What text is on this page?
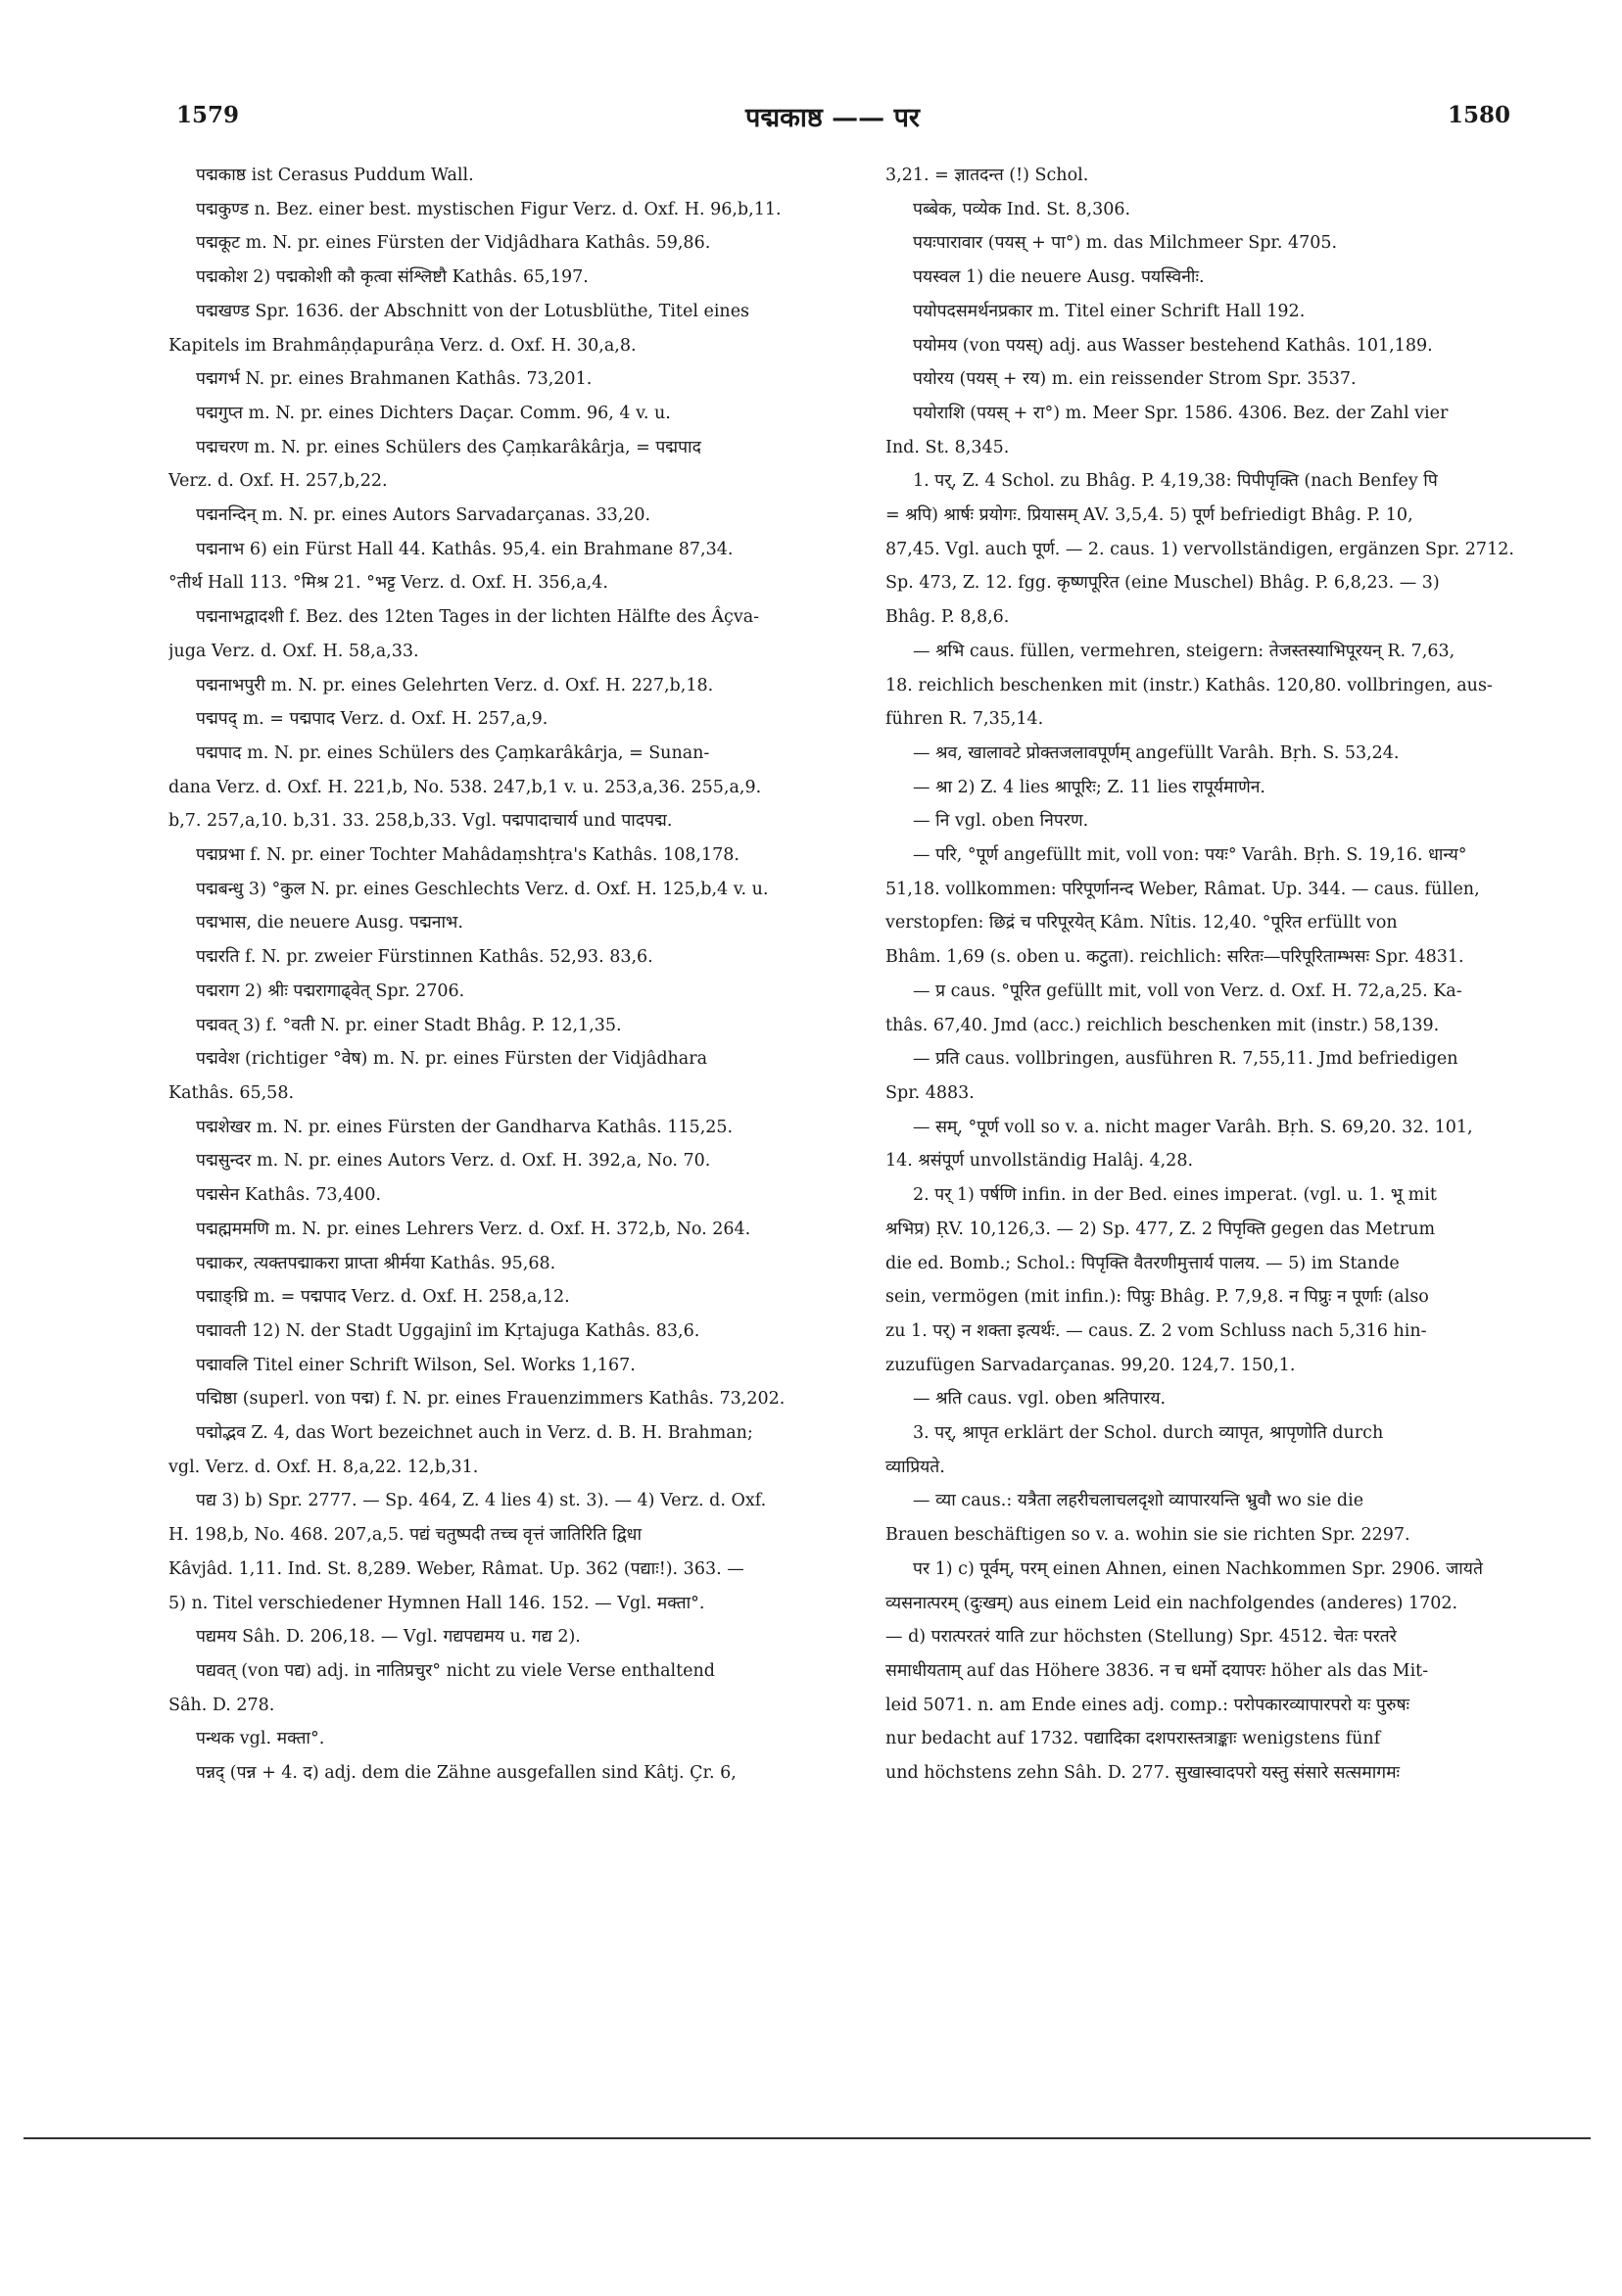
1579	पद्मकाष्ठ —— पर	1580

पद्मकाष्ठ ist Cerasus Puddum Wall.

पद्मकुण्ड n. Bez. einer best. mystischen Figur Verz. d. Oxf. H. 96,b,11.

पद्मकूट m. N. pr. eines Fürsten der Vidjâdhara Kathâs. 59,86.

पद्मकोश 2) पद्मकोशी कौ कृत्वा संश्लिष्टौ Kathâs. 65,197.

पद्मखण्ड Spr. 1636. der Abschnitt von der Lotusblüthe, Titel eines

Kapitels im Brahmâṇḍapurâṇa Verz. d. Oxf. H. 30,a,8.

पद्मगर्भ N. pr. eines Brahmanen Kathâs. 73,201.

पद्मगुप्त m. N. pr. eines Dichters Daçar. Comm. 96, 4 v. u.

पद्मचरण m. N. pr. eines Schülers des Çaṃkarâkârja, = पद्मपाद

Verz. d. Oxf. H. 257,b,22.

पद्मनन्दिन् m. N. pr. eines Autors Sarvadarçanas. 33,20.

पद्मनाभ 6) ein Fürst Hall 44. Kathâs. 95,4. ein Brahmane 87,34.

°तीर्थ Hall 113. °मिश्र 21. °भट्ट Verz. d. Oxf. H. 356,a,4.

पद्मनाभद्वादशी f. Bez. des 12ten Tages in der lichten Hälfte des Âçva-

juga Verz. d. Oxf. H. 58,a,33.

पद्मनाभपुरी m. N. pr. eines Gelehrten Verz. d. Oxf. H. 227,b,18.

पद्मपद् m. = पद्मपाद Verz. d. Oxf. H. 257,a,9.

पद्मपाद m. N. pr. eines Schülers des Çaṃkarâkârja, = Sunan-

dana Verz. d. Oxf. H. 221,b, No. 538. 247,b,1 v. u. 253,a,36. 255,a,9.

b,7. 257,a,10. b,31. 33. 258,b,33. Vgl. पद्मपादाचार्य und पादपद्म.

पद्मप्रभा f. N. pr. einer Tochter Mahâdaṃshṭra's Kathâs. 108,178.

पद्मबन्धु 3) °कुल N. pr. eines Geschlechts Verz. d. Oxf. H. 125,b,4 v. u.

पद्मभास, die neuere Ausg. पद्मनाभ.

पद्मरति f. N. pr. zweier Fürstinnen Kathâs. 52,93. 83,6.

पद्मराग 2) श्रीः पद्मरागाढ्वेत् Spr. 2706.

पद्मवत् 3) f. °वती N. pr. einer Stadt Bhâg. P. 12,1,35.

पद्मवेश (richtiger °वेष) m. N. pr. eines Fürsten der Vidjâdhara

Kathâs. 65,58.

पद्मशेखर m. N. pr. eines Fürsten der Gandharva Kathâs. 115,25.

पद्मसुन्दर m. N. pr. eines Autors Verz. d. Oxf. H. 392,a, No. 70.

पद्मसेन Kathâs. 73,400.

पद्मह्मममणि m. N. pr. eines Lehrers Verz. d. Oxf. H. 372,b, No. 264.

पद्माकर, त्यक्तपद्माकरा प्राप्ता श्रीर्मया Kathâs. 95,68.

पद्माङ्घ्रि m. = पद्मपाद Verz. d. Oxf. H. 258,a,12.

पद्मावती 12) N. der Stadt Uggajinî im Kṛtajuga Kathâs. 83,6.

पद्मावलि Titel einer Schrift Wilson, Sel. Works 1,167.

पद्मिष्ठा (superl. von पद्म) f. N. pr. eines Frauenzimmers Kathâs. 73,202.

पद्मोद्भव Z. 4, das Wort bezeichnet auch in Verz. d. B. H. Brahman;

vgl. Verz. d. Oxf. H. 8,a,22. 12,b,31.

पद्य 3) b) Spr. 2777. — Sp. 464, Z. 4 lies 4) st. 3). — 4) Verz. d. Oxf.

H. 198,b, No. 468. 207,a,5. पद्यं चतुष्पदी तच्च वृत्तं जातिरिति द्विधा

Kâvjâd. 1,11. Ind. St. 8,289. Weber, Râmat. Up. 362 (पद्याः!). 363. —

5) n. Titel verschiedener Hymnen Hall 146. 152. — Vgl. मक्ता°.

पद्यमय Sâh. D. 206,18. — Vgl. गद्यपद्यमय u. गद्य 2).

पद्यवत् (von पद्य) adj. in नातिप्रचुर° nicht zu viele Verse enthaltend

Sâh. D. 278.

पन्थक vgl. मक्ता°.

पन्नद् (पन्न + 4. द) adj. dem die Zähne ausgefallen sind Kâtj. Çr. 6,

3,21. = ज्ञातदन्त (!) Schol.

पब्बेक, पव्येक Ind. St. 8,306.

पयःपारावार (पयस् + पा°) m. das Milchmeer Spr. 4705.

पयस्वल 1) die neuere Ausg. पयस्विनीः.

पयोपदसमर्थनप्रकार m. Titel einer Schrift Hall 192.

पयोमय (von पयस्) adj. aus Wasser bestehend Kathâs. 101,189.

पयोरय (पयस् + रय) m. ein reissender Strom Spr. 3537.

पयोराशि (पयस् + रा°) m. Meer Spr. 1586. 4306. Bez. der Zahl vier

Ind. St. 8,345.

1. पर्, Z. 4 Schol. zu Bhâg. P. 4,19,38: पिपीपृक्ति (nach Benfey पि

= श्रपि) श्रार्षः प्रयोगः. प्रियासम् AV. 3,5,4. 5) पूर्ण befriedigt Bhâg. P. 10,

87,45. Vgl. auch पूर्ण. — 2. caus. 1) vervollständigen, ergänzen Spr. 2712.

Sp. 473, Z. 12. fgg. कृष्णपूरित (eine Muschel) Bhâg. P. 6,8,23. — 3)

Bhâg. P. 8,8,6.

— श्रभि caus. füllen, vermehren, steigern: तेजस्तस्याभिपूरयन् R. 7,63,

18. reichlich beschenken mit (instr.) Kathâs. 120,80. vollbringen, aus-

führen R. 7,35,14.

— श्रव, खालावटे प्रोक्तजलावपूर्णम् angefüllt Varâh. Bṛh. S. 53,24.

— श्रा 2) Z. 4 lies श्रापूरिः; Z. 11 lies रापूर्यमाणेन.

— नि vgl. oben निपरण.

— परि, °पूर्ण angefüllt mit, voll von: पयः° Varâh. Bṛh. S. 19,16. धान्य°

51,18. vollkommen: परिपूर्णानन्द Weber, Râmat. Up. 344. — caus. füllen,

verstopfen: छिद्रं च परिपूरयेत् Kâm. Nîtis. 12,40. °पूरित erfüllt von

Bhâm. 1,69 (s. oben u. कटुता). reichlich: सरितः—परिपूरिताम्भसः Spr. 4831.

— प्र caus. °पूरित gefüllt mit, voll von Verz. d. Oxf. H. 72,a,25. Ka-

thâs. 67,40. Jmd (acc.) reichlich beschenken mit (instr.) 58,139.

— प्रति caus. vollbringen, ausführen R. 7,55,11. Jmd befriedigen

Spr. 4883.

— सम्, °पूर्ण voll so v. a. nicht mager Varâh. Bṛh. S. 69,20. 32. 101,

14. श्रसंपूर्ण unvollständig Halâj. 4,28.

2. पर् 1) पर्षणि infin. in der Bed. eines imperat. (vgl. u. 1. भू mit

श्रभिप्र) ṚV. 10,126,3. — 2) Sp. 477, Z. 2 पिपृक्ति gegen das Metrum

die ed. Bomb.; Schol.: पिपृक्ति वैतरणीमुत्तार्य पालय. — 5) im Stande

sein, vermögen (mit infin.): पिप्रुः Bhâg. P. 7,9,8. न पिप्रुः न पूर्णाः (also

zu 1. पर्) न शक्ता इत्यर्थः. — caus. Z. 2 vom Schluss nach 5,316 hin-

zuzufügen Sarvadarçanas. 99,20. 124,7. 150,1.

— श्रति caus. vgl. oben श्रतिपारय.

3. पर्, श्रापृत erklärt der Schol. durch व्यापृत, श्रापृणोति durch

व्याप्रियते.

— व्या caus.: यत्रैता लहरीचलाचलदृशो व्यापारयन्ति भ्रुवौ wo sie die

Brauen beschäftigen so v. a. wohin sie sie richten Spr. 2297.

पर 1) c) पूर्वम्, परम् einen Ahnen, einen Nachkommen Spr. 2906. जायते

व्यसनात्परम् (दुःखम्) aus einem Leid ein nachfolgendes (anderes) 1702.

— d) परात्परतरं याति zur höchsten (Stellung) Spr. 4512. चेतः परतरे

समाधीयताम् auf das Höhere 3836. न च धर्मो दयापरः höher als das Mit-

leid 5071. n. am Ende eines adj. comp.: परोपकारव्यापारपरो यः पुरुषः

nur bedacht auf 1732. पद्यादिका दशपरास्तत्राङ्काः wenigstens fünf

und höchstens zehn Sâh. D. 277. सुखास्वादपरो यस्तु संसारे सत्समागमः
